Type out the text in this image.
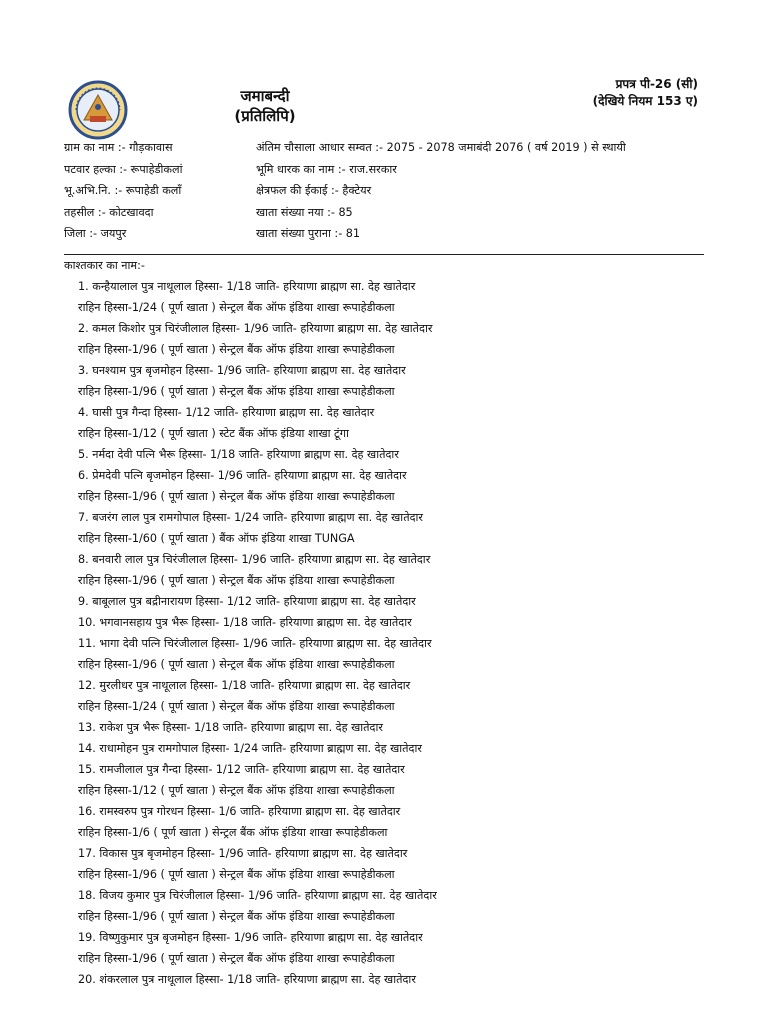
जमाबन्दी
(प्रतिलिपि)
प्रपत्र पी-26 (सी)
(देखिये नियम 153 ए)
ग्राम का नाम :- गौड़कावास
पटवार हल्का :- रूपाहेडीकलां
भू.अभि.नि. :- रूपाहेडी कलाँ
तहसील :- कोटखावदा
जिला :- जयपुर
अंतिम चौसाला आधार सम्वत :- 2075 - 2078 जमाबंदी 2076 ( वर्ष 2019 ) से स्थायी
भूमि धारक का नाम :- राज.सरकार
क्षेत्रफल की ईकाई :- हैक्टेयर
खाता संख्या नया :- 85
खाता संख्या पुराना :- 81
काश्तकार का नाम:-
1. कन्हैयालाल पुत्र नाथूलाल हिस्सा- 1/18 जाति- हरियाणा ब्राह्मण सा. देह खातेदार
राहिन हिस्सा-1/24 ( पूर्ण खाता ) सेन्ट्रल बैंक ऑफ इंडिया शाखा रूपाहेडीकला
2. कमल किशोर पुत्र चिरंजीलाल हिस्सा- 1/96 जाति- हरियाणा ब्राह्मण सा. देह खातेदार
राहिन हिस्सा-1/96 ( पूर्ण खाता ) सेन्ट्रल बैंक ऑफ इंडिया शाखा रूपाहेडीकला
3. घनश्याम पुत्र बृजमोहन हिस्सा- 1/96 जाति- हरियाणा ब्राह्मण सा. देह खातेदार
राहिन हिस्सा-1/96 ( पूर्ण खाता ) सेन्ट्रल बैंक ऑफ इंडिया शाखा रूपाहेडीकला
4. घासी पुत्र गैन्दा हिस्सा- 1/12 जाति- हरियाणा ब्राह्मण सा. देह खातेदार
राहिन हिस्सा-1/12 ( पूर्ण खाता ) स्टेट बैंक ऑफ इंडिया शाखा टूंगा
5. नर्मदा देवी पत्नि भैरू हिस्सा- 1/18 जाति- हरियाणा ब्राह्मण सा. देह खातेदार
6. प्रेमदेवी पत्नि बृजमोहन हिस्सा- 1/96 जाति- हरियाणा ब्राह्मण सा. देह खातेदार
राहिन हिस्सा-1/96 ( पूर्ण खाता ) सेन्ट्रल बैंक ऑफ इंडिया शाखा रूपाहेडीकला
7. बजरंग लाल पुत्र रामगोपाल हिस्सा- 1/24 जाति- हरियाणा ब्राह्मण सा. देह खातेदार
राहिन हिस्सा-1/60 ( पूर्ण खाता ) बैंक ऑफ इंडिया शाखा TUNGA
8. बनवारी लाल पुत्र चिरंजीलाल हिस्सा- 1/96 जाति- हरियाणा ब्राह्मण सा. देह खातेदार
राहिन हिस्सा-1/96 ( पूर्ण खाता ) सेन्ट्रल बैंक ऑफ इंडिया शाखा रूपाहेडीकला
9. बाबूलाल पुत्र बद्रीनारायण हिस्सा- 1/12 जाति- हरियाणा ब्राह्मण सा. देह खातेदार
10. भगवानसहाय पुत्र भैरू हिस्सा- 1/18 जाति- हरियाणा ब्राह्मण सा. देह खातेदार
11. भागा देवी पत्नि चिरंजीलाल हिस्सा- 1/96 जाति- हरियाणा ब्राह्मण सा. देह खातेदार
राहिन हिस्सा-1/96 ( पूर्ण खाता ) सेन्ट्रल बैंक ऑफ इंडिया शाखा रूपाहेडीकला
12. मुरलीधर पुत्र नाथूलाल हिस्सा- 1/18 जाति- हरियाणा ब्राह्मण सा. देह खातेदार
राहिन हिस्सा-1/24 ( पूर्ण खाता ) सेन्ट्रल बैंक ऑफ इंडिया शाखा रूपाहेडीकला
13. राकेश पुत्र भैरू हिस्सा- 1/18 जाति- हरियाणा ब्राह्मण सा. देह खातेदार
14. राधामोहन पुत्र रामगोपाल हिस्सा- 1/24 जाति- हरियाणा ब्राह्मण सा. देह खातेदार
15. रामजीलाल पुत्र गैन्दा हिस्सा- 1/12 जाति- हरियाणा ब्राह्मण सा. देह खातेदार
राहिन हिस्सा-1/12 ( पूर्ण खाता ) सेन्ट्रल बैंक ऑफ इंडिया शाखा रूपाहेडीकला
16. रामस्वरुप पुत्र गोरधन हिस्सा- 1/6 जाति- हरियाणा ब्राह्मण सा. देह खातेदार
राहिन हिस्सा-1/6 ( पूर्ण खाता ) सेन्ट्रल बैंक ऑफ इंडिया शाखा रूपाहेडीकला
17. विकास पुत्र बृजमोहन हिस्सा- 1/96 जाति- हरियाणा ब्राह्मण सा. देह खातेदार
राहिन हिस्सा-1/96 ( पूर्ण खाता ) सेन्ट्रल बैंक ऑफ इंडिया शाखा रूपाहेडीकला
18. विजय कुमार पुत्र चिरंजीलाल हिस्सा- 1/96 जाति- हरियाणा ब्राह्मण सा. देह खातेदार
राहिन हिस्सा-1/96 ( पूर्ण खाता ) सेन्ट्रल बैंक ऑफ इंडिया शाखा रूपाहेडीकला
19. विष्णुकुमार पुत्र बृजमोहन हिस्सा- 1/96 जाति- हरियाणा ब्राह्मण सा. देह खातेदार
राहिन हिस्सा-1/96 ( पूर्ण खाता ) सेन्ट्रल बैंक ऑफ इंडिया शाखा रूपाहेडीकला
20. शंकरलाल पुत्र नाथूलाल हिस्सा- 1/18 जाति- हरियाणा ब्राह्मण सा. देह खातेदार
